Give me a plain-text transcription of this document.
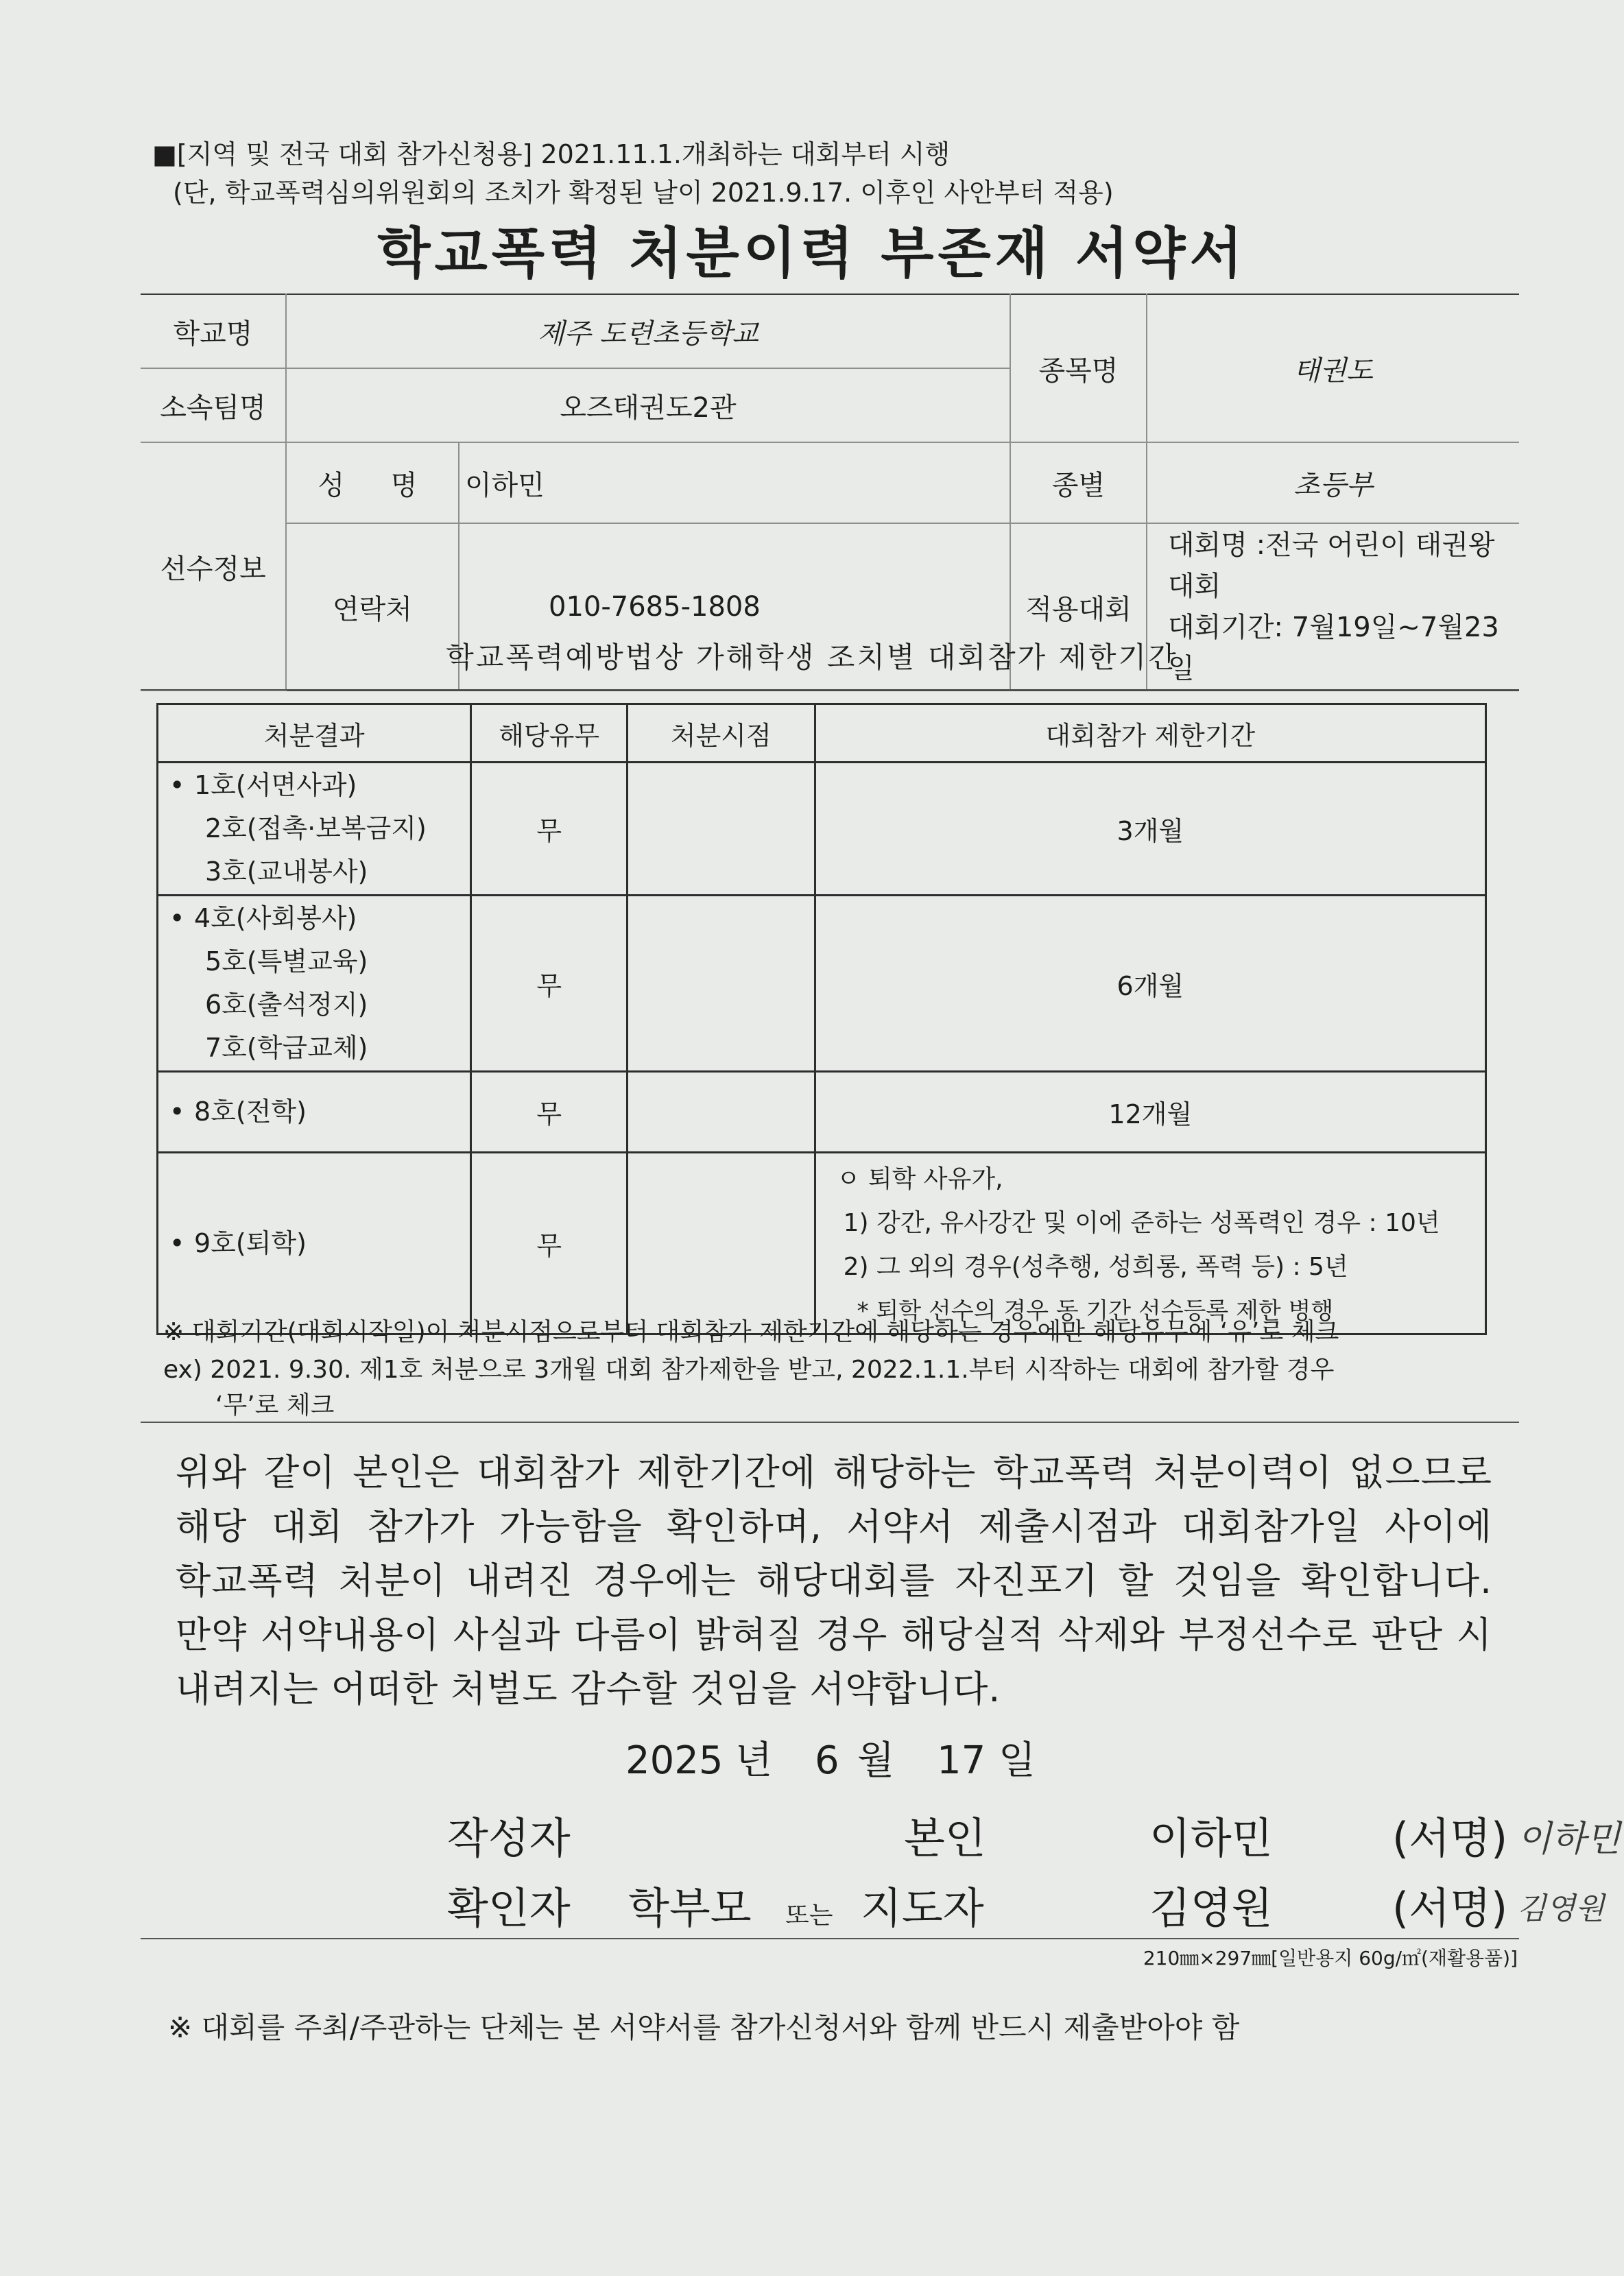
■[지역 및 전국 대회 참가신청용] 2021.11.1.개최하는 대회부터 시행
(단, 학교폭력심의위원회의 조치가 확정된 날이 2021.9.17. 이후인 사안부터 적용)
학교폭력 처분이력 부존재 서약서
학교명	제주 도련초등학교		종목명	태권도
소속팀명	오즈태권도2관			
선수정보	성  명	이하민	종별	초등부
	연락처	010-7685-1808	적용대회	대회명 :전국 어린이 태권왕 대회
대회기간: 7월19일~7월23일
학교폭력예방법상 가해학생 조치별 대회참가 제한기간
처분결과	해당유무	처분시점	대회참가 제한기간

• 1호(서면사과)
2호(접촉·보복금지)
3호(교내봉사)	무		3개월

• 4호(사회봉사)
5호(특별교육)
6호(출석정지)
7호(학급교체)	무		6개월

• 8호(전학)	무		12개월

• 9호(퇴학)	무		ㅇ 퇴학 사유가,
1) 강간, 유사강간 및 이에 준하는 성폭력인 경우 : 10년
2) 그 외의 경우(성추행, 성희롱, 폭력 등) : 5년
* 퇴학 선수의 경우 동 기간 선수등록 제한 병행
※ 대회기간(대회시작일)이 처분시점으로부터 대회참가 제한기간에 해당하는 경우에만 해당유무에 ‘유’로 체크
ex) 2021. 9.30. 제1호 처분으로 3개월 대회 참가제한을 받고, 2022.1.1.부터 시작하는 대회에 참가할 경우
‘무’로 체크
위와 같이 본인은 대회참가 제한기간에 해당하는 학교폭력 처분이력이 없으므로 해당 대회 참가가 가능함을 확인하며, 서약서 제출시점과 대회참가일 사이에 학교폭력 처분이 내려진 경우에는 해당대회를 자진포기 할 것임을 확인합니다. 만약 서약내용이 사실과 다름이 밝혀질 경우 해당실적 삭제와 부정선수로 판단 시 내려지는 어떠한 처벌도 감수할 것임을 서약합니다.
2025 년 6 월 17 일
작성자	본인	이하민	(서명) 이하민
확인자 학부모 또는 지도자	김영원	(서명) 김영원
210㎜×297㎜[일반용지 60g/㎡(재활용품)]
※ 대회를 주최/주관하는 단체는 본 서약서를 참가신청서와 함께 반드시 제출받아야 함
